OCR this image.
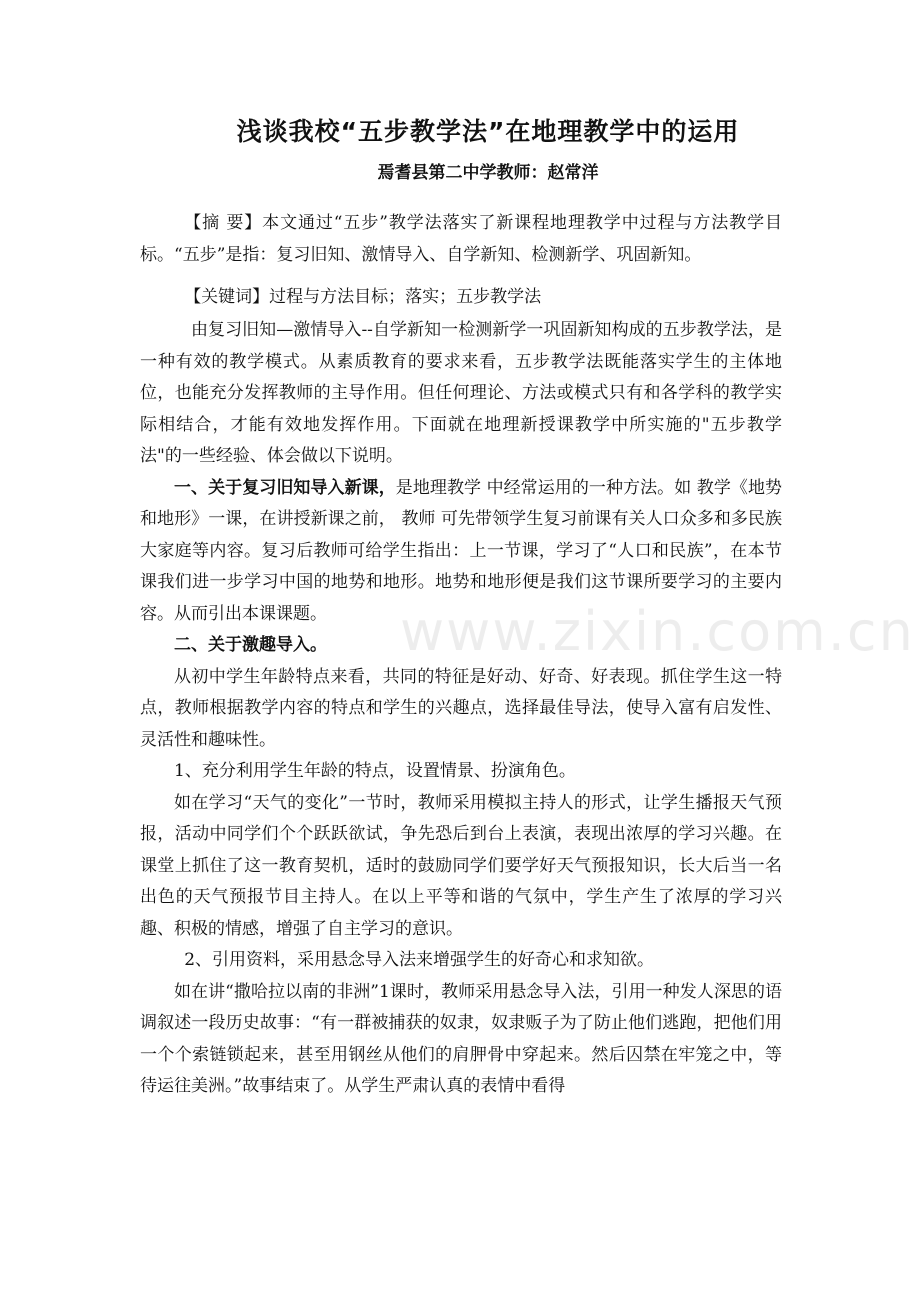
浅谈我校“五步教学法”在地理教学中的运用
焉耆县第二中学教师：赵常洋

【摘 要】本文通过“五步”教学法落实了新课程地理教学中过程与方法教学目标。“五步”是指：复习旧知、激情导入、自学新知、检测新学、巩固新知。

【关键词】过程与方法目标；落实；五步教学法

由复习旧知—激情导入--自学新知一检测新学一巩固新知构成的五步教学法，是一种有效的教学模式。从素质教育的要求来看，五步教学法既能落实学生的主体地位，也能充分发挥教师的主导作用。但任何理论、方法或模式只有和各学科的教学实际相结合，才能有效地发挥作用。下面就在地理新授课教学中所实施的"五步教学法"的一些经验、体会做以下说明。

一、关于复习旧知导入新课，是地理教学 中经常运用的一种方法。如 教学《地势和地形》一课，在讲授新课之前， 教师 可先带领学生复习前课有关人口众多和多民族大家庭等内容。复习后教师可给学生指出：上一节课，学习了“人口和民族”，在本节课我们进一步学习中国的地势和地形。地势和地形便是我们这节课所要学习的主要内容。从而引出本课课题。

二、关于激趣导入。

从初中学生年龄特点来看，共同的特征是好动、好奇、好表现。抓住学生这一特点，教师根据教学内容的特点和学生的兴趣点，选择最佳导法，使导入富有启发性、灵活性和趣味性。

1、充分利用学生年龄的特点，设置情景、扮演角色。

如在学习“天气的变化”一节时，教师采用模拟主持人的形式，让学生播报天气预报，活动中同学们个个跃跃欲试，争先恐后到台上表演，表现出浓厚的学习兴趣。在课堂上抓住了这一教育契机，适时的鼓励同学们要学好天气预报知识，长大后当一名出色的天气预报节目主持人。在以上平等和谐的气氛中，学生产生了浓厚的学习兴趣、积极的情感，增强了自主学习的意识。

2、引用资料，采用悬念导入法来增强学生的好奇心和求知欲。

如在讲“撒哈拉以南的非洲”1课时，教师采用悬念导入法，引用一种发人深思的语调叙述一段历史故事：“有一群被捕获的奴隶，奴隶贩子为了防止他们逃跑，把他们用一个个索链锁起来，甚至用钢丝从他们的肩胛骨中穿起来。然后囚禁在牢笼之中，等待运往美洲。”故事结束了。从学生严肃认真的表情中看得

www.zixin.com.cn
